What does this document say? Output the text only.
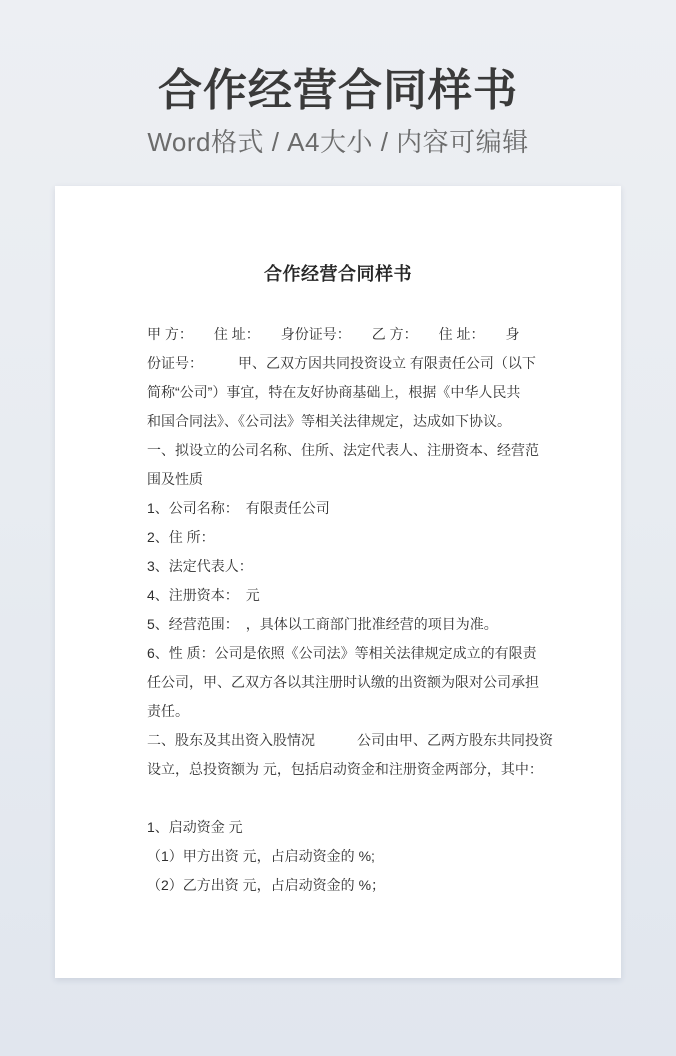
合作经营合同样书

Word格式 / A4大小 / 内容可编辑

合作经营合同样书
甲 方：　　住 址：　　身份证号：　　乙 方：　　住 址：　　身
份证号：　　　甲、乙双方因共同投资设立 有限责任公司（以下
简称“公司”）事宜，特在友好协商基础上，根据《中华人民共
和国合同法》、《公司法》等相关法律规定，达成如下协议。
一、拟设立的公司名称、住所、法定代表人、注册资本、经营范
围及性质
1、公司名称：　有限责任公司
2、住 所：
3、法定代表人：
4、注册资本：　元
5、经营范围：　，具体以工商部门批准经营的项目为准。
6、性 质：公司是依照《公司法》等相关法律规定成立的有限责
任公司，甲、乙双方各以其注册时认缴的出资额为限对公司承担
责任。
二、股东及其出资入股情况　　　公司由甲、乙两方股东共同投资
设立，总投资额为 元，包括启动资金和注册资金两部分，其中：
1、启动资金 元
（1）甲方出资 元，占启动资金的 %;
（2）乙方出资 元，占启动资金的 %；
